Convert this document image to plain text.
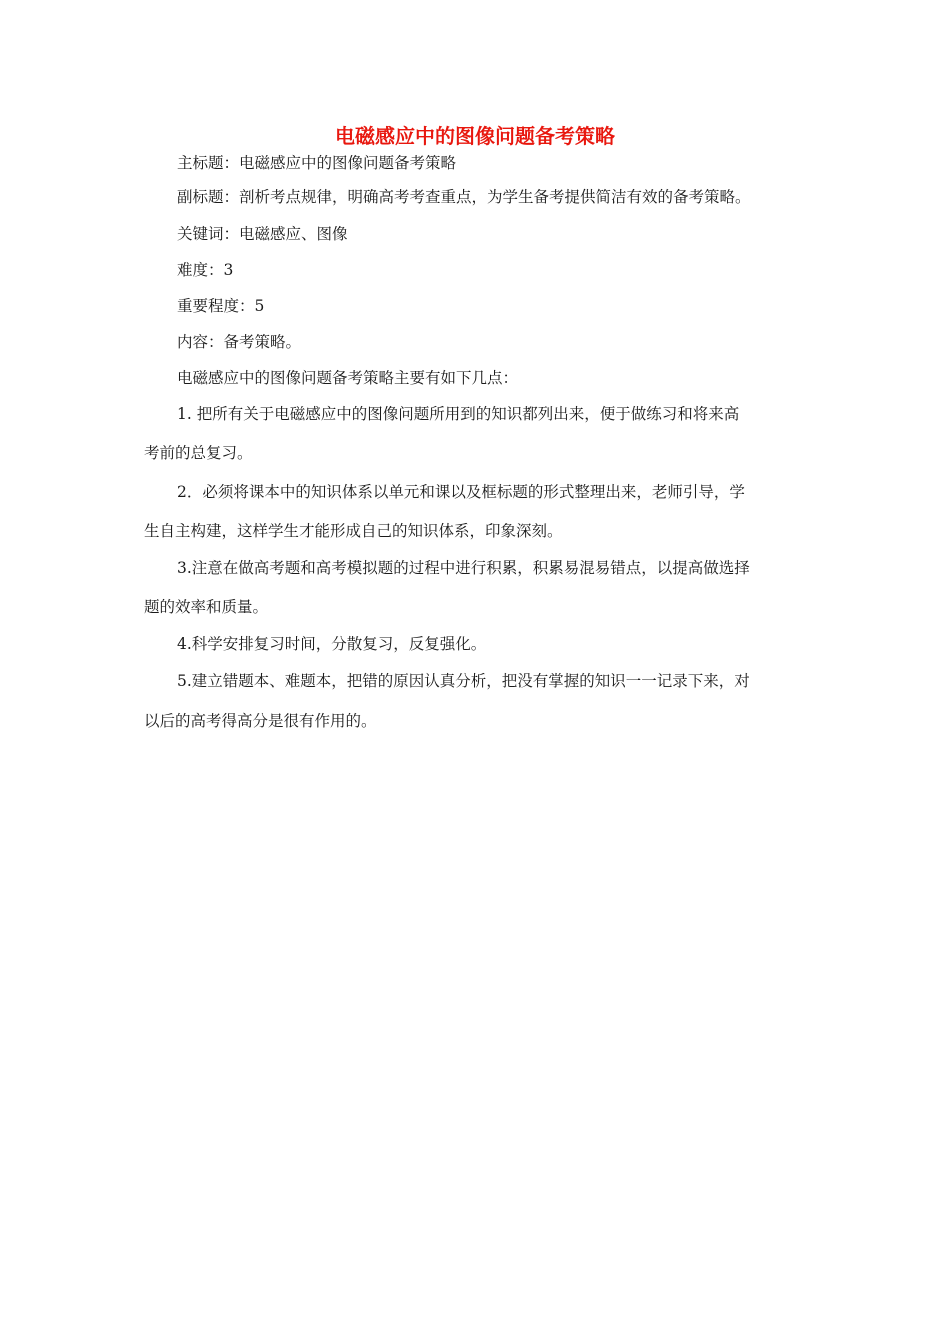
电磁感应中的图像问题备考策略
主标题：电磁感应中的图像问题备考策略
副标题：剖析考点规律，明确高考考查重点，为学生备考提供简洁有效的备考策略。
关键词：电磁感应、图像
难度：3
重要程度：5
内容：备考策略。
电磁感应中的图像问题备考策略主要有如下几点：
1. 把所有关于电磁感应中的图像问题所用到的知识都列出来，便于做练习和将来高
考前的总复习。
2．必须将课本中的知识体系以单元和课以及框标题的形式整理出来，老师引导，学
生自主构建，这样学生才能形成自己的知识体系，印象深刻。
3.注意在做高考题和高考模拟题的过程中进行积累，积累易混易错点，以提高做选择
题的效率和质量。
4.科学安排复习时间，分散复习，反复强化。
5.建立错题本、难题本，把错的原因认真分析，把没有掌握的知识一一记录下来，对
以后的高考得高分是很有作用的。
